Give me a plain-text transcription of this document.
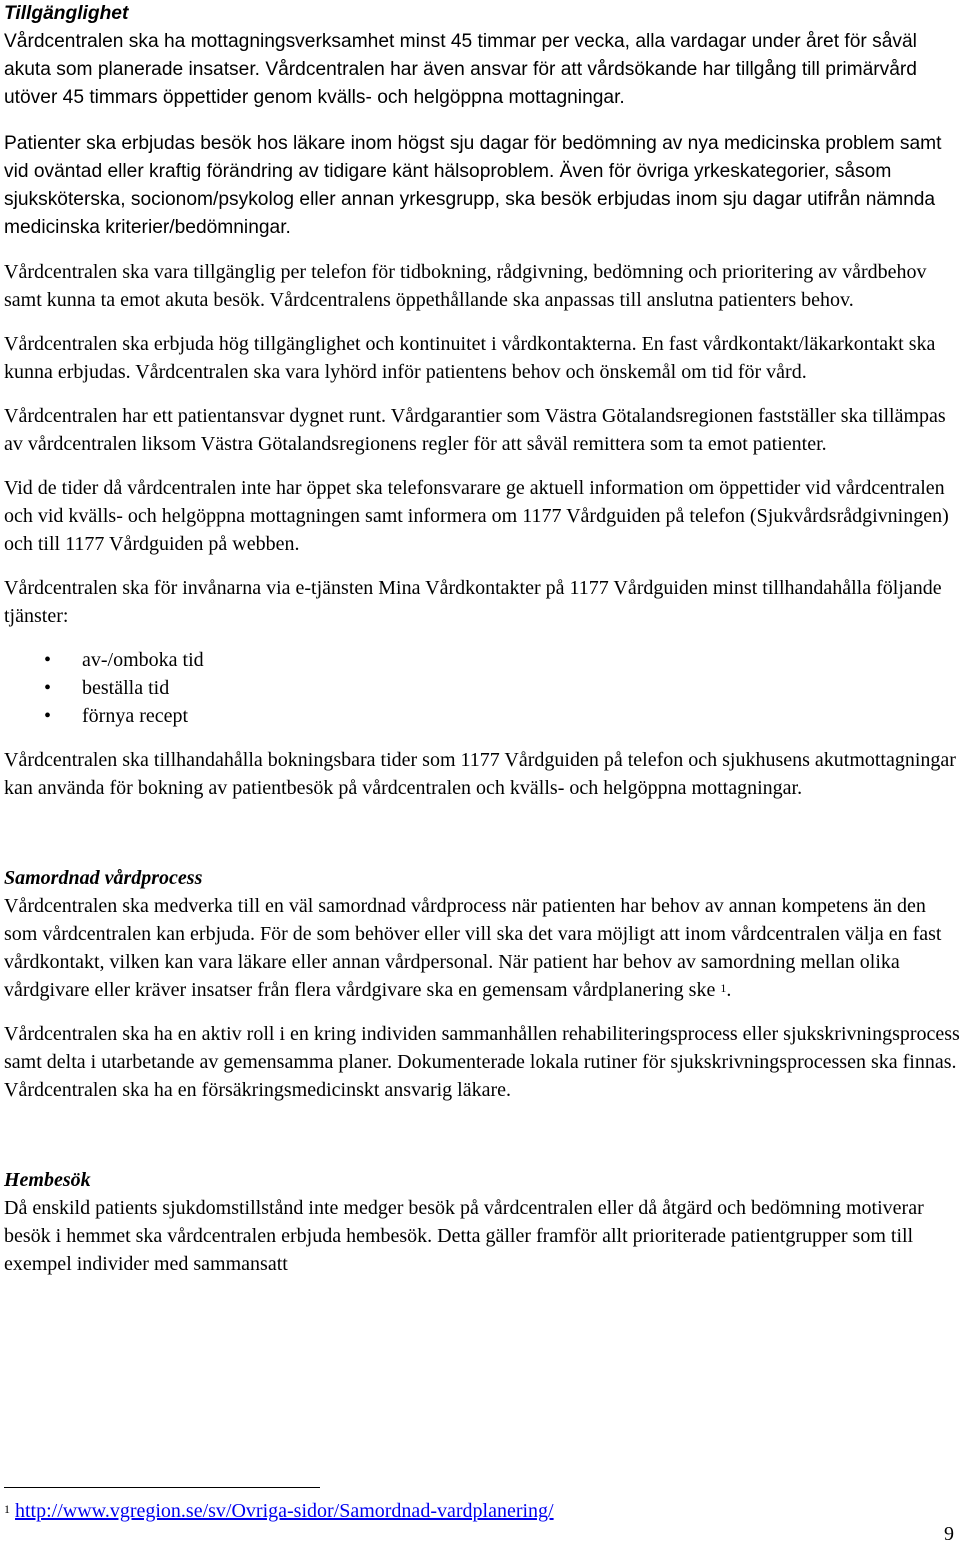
Tillgänglighet

Vårdcentralen ska ha mottagningsverksamhet minst 45 timmar per vecka, alla vardagar under året för såväl akuta som planerade insatser. Vårdcentralen har även ansvar för att vårdsökande har tillgång till primärvård utöver 45 timmars öppettider genom kvälls- och helgöppna mottagningar.

Patienter ska erbjudas besök hos läkare inom högst sju dagar för bedömning av nya medicinska problem samt vid oväntad eller kraftig förändring av tidigare känt hälsoproblem. Även för övriga yrkeskategorier, såsom sjuksköterska, socionom/psykolog eller annan yrkesgrupp, ska besök erbjudas inom sju dagar utifrån nämnda medicinska kriterier/bedömningar.

Vårdcentralen ska vara tillgänglig per telefon för tidbokning, rådgivning, bedömning och prioritering av vårdbehov samt kunna ta emot akuta besök. Vårdcentralens öppethållande ska anpassas till anslutna patienters behov.

Vårdcentralen ska erbjuda hög tillgänglighet och kontinuitet i vårdkontakterna. En fast vårdkontakt/läkarkontakt ska kunna erbjudas. Vårdcentralen ska vara lyhörd inför patientens behov och önskemål om tid för vård.

Vårdcentralen har ett patientansvar dygnet runt. Vårdgarantier som Västra Götalandsregionen fastställer ska tillämpas av vårdcentralen liksom Västra Götalandsregionens regler för att såväl remittera som ta emot patienter.

Vid de tider då vårdcentralen inte har öppet ska telefonsvarare ge aktuell information om öppettider vid vårdcentralen och vid kvälls- och helgöppna mottagningen samt informera om 1177 Vårdguiden på telefon (Sjukvårdsrådgivningen) och till 1177 Vårdguiden på webben.

Vårdcentralen ska för invånarna via e-tjänsten Mina Vårdkontakter på 1177 Vårdguiden minst tillhandahålla följande tjänster:

• av-/omboka tid
• beställa tid
• förnya recept

Vårdcentralen ska tillhandahålla bokningsbara tider som 1177 Vårdguiden på telefon och sjukhusens akutmottagningar kan använda för bokning av patientbesök på vårdcentralen och kvälls- och helgöppna mottagningar.

Samordnad vårdprocess

Vårdcentralen ska medverka till en väl samordnad vårdprocess när patienten har behov av annan kompetens än den som vårdcentralen kan erbjuda. För de som behöver eller vill ska det vara möjligt att inom vårdcentralen välja en fast vårdkontakt, vilken kan vara läkare eller annan vårdpersonal. När patient har behov av samordning mellan olika vårdgivare eller kräver insatser från flera vårdgivare ska en gemensam vårdplanering ske $^1$.

Vårdcentralen ska ha en aktiv roll i en kring individen sammanhållen rehabiliteringsprocess eller sjukskrivningsprocess samt delta i utarbetande av gemensamma planer. Dokumenterade lokala rutiner för sjukskrivningsprocessen ska finnas. Vårdcentralen ska ha en försäkringsmedicinskt ansvarig läkare.

Hembesök

Då enskild patients sjukdomstillstånd inte medger besök på vårdcentralen eller då åtgärd och bedömning motiverar besök i hemmet ska vårdcentralen erbjuda hembesök. Detta gäller framför allt prioriterade patientgrupper som till exempel individer med sammansatt

$^1$ http://www.vgregion.se/sv/Ovriga-sidor/Samordnad-vardplanering/
9
